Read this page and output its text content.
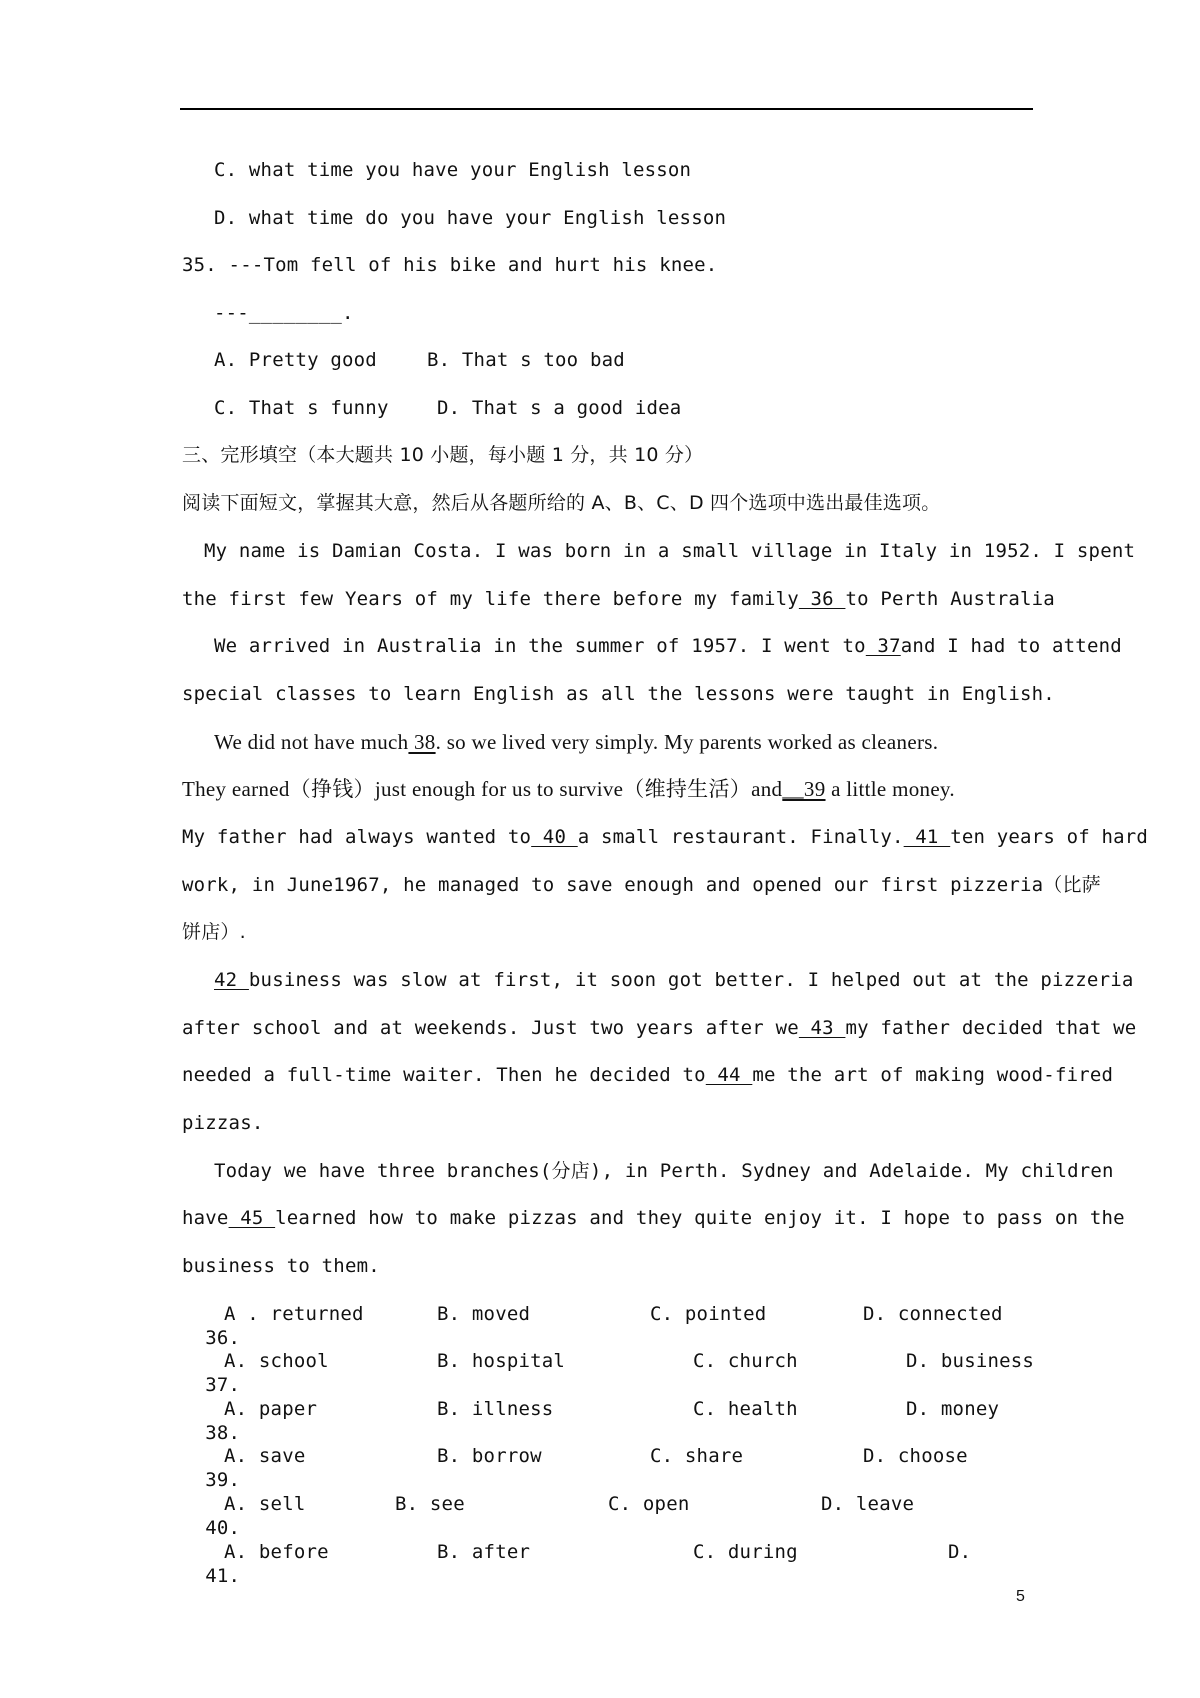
C. what time you have your English lesson
D. what time do you have your English lesson
35. ---Tom fell of his bike and hurt his knee.
---________.
A. Pretty good	B. That s too bad
C. That s funny	D. That s a good idea
三、完形填空（本大题共 10 小题，每小题 1 分，共 10 分）
阅读下面短文，掌握其大意，然后从各题所给的 A、B、C、D 四个选项中选出最佳选项。
My name is Damian Costa. I was born in a small village in Italy in 1952. I spent
the first few Years of my life there before my family 36 to Perth Australia
We arrived in Australia in the summer of 1957. I went to 37and I had to attend
special classes to learn English as all the lessons were taught in English.
We did not have much 38. so we lived very simply. My parents worked as cleaners.
They earned（挣钱）just enough for us to survive（维持生活）and__39 a little money.
My father had always wanted to 40 a small restaurant. Finally. 41 ten years of hard
work, in June1967, he managed to save enough and opened our first pizzeria（比萨
饼店）.
42 business was slow at first, it soon got better. I helped out at the pizzeria
after school and at weekends. Just two years after we 43 my father decided that we
needed a full-time waiter. Then he decided to 44 me the art of making wood-fired
pizzas.
Today we have three branches(分店), in Perth. Sydney and Adelaide. My children
have 45 learned how to make pizzas and they quite enjoy it. I hope to pass on the
business to them.

36.

A . returned

	B. moved

	C. pointed

	D. connected

37.

A. school

	B. hospital

	C. church

	D. business

38.

A. paper

	B. illness

	C. health

	D. money

39.

A. save

	B. borrow

	C. share

	D. choose

40.

A. sell

	B. see

	C. open

	D. leave

41.

A. before

	B. after

	C. during

	D.

5
